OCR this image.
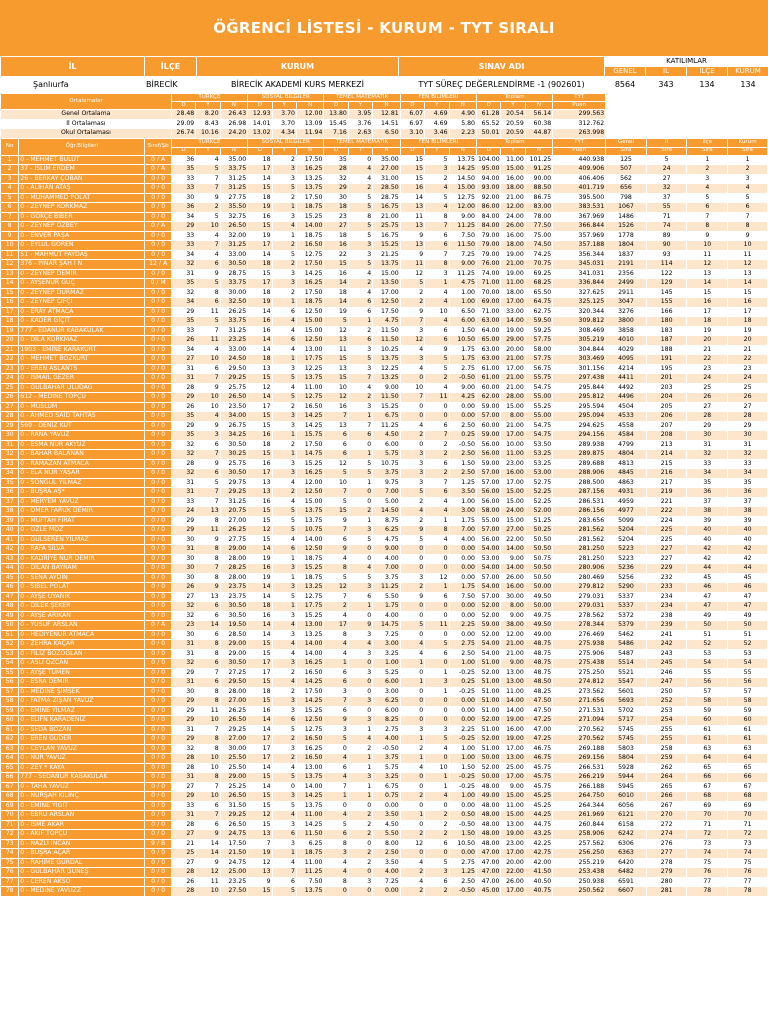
ÖĞRENCİ LİSTESİ - KURUM - TYT SIRALI
İL	İLÇE	KURUM	SINAV ADI	KATILIMLAR			
				GENEL	İL	İLÇE	KURUM
Şanlıurfa	BİRECİK	BİRECİK AKADEMİ KURS MERKEZİ	TYT SÜREÇ DEĞERLENDİRME -1 (902601)	8564	343	134	134
Ortalamalar			TÜRKÇE			SOSYAL BİLGİLER			TEMEL MATEMATİK			FEN BİLİMLERİ			Toplam			TYT				
			D	Y	N	D	Y	N	D	Y	N	D	Y	N	D	Y	N	Puan				
Genel Ortalama			28.48	8.20	26.43	12.93	3.70	12.00	13.80	3.95	12.81	6.07	4.69	4.90	61.28	20.54	56.14	299.563				
İl Ortalaması			29.09	8.43	26.98	14.01	3.70	13.09	15.45	3.76	14.51	6.97	4.69	5.80	65.52	20.59	60.38	312.762				
Okul Ortalaması			26.74	10.16	24.20	13.02	4.34	11.94	7.16	2.63	6.50	3.10	3.46	2.23	50.01	20.59	44.87	263.998				
No	Öğr.Bilgileri	Sınıf/Şb	TÜRKÇE			SOSYAL BİLGİLER			TEMEL MATEMATİK			FEN BİLİMLERİ			Toplam			TYT	Genel	İl	İlçe	Kurum
			D	Y	N	D	Y	N	D	Y	N	D	Y	N	D	Y	N	Puan	Sıra	Sıra	Sıra	Sıra
1	0 - MEHMET BULUT	0 / A	36	4	35.00	18	2	17.50	35	0	35.00	15	5	13.75	104.00	11.00	101.25	440.938	125	5	1	1
2	37 - İSLİM ERDEM	0 / A	35	5	33.75	17	3	16.25	28	4	27.00	15	3	14.25	95.00	15.00	91.25	409.906	507	24	2	2
3	26 - BERKAY ÇOBAN	0 / 0	33	7	31.25	14	3	13.25	32	4	31.00	15	2	14.50	94.00	16.00	90.00	406.406	562	27	3	3
4	0 - ALİHAN ATAŞ	0 / 0	33	7	31.25	15	5	13.75	29	2	28.50	16	4	15.00	93.00	18.00	88.50	401.719	656	32	4	4
5	0 - MUHAMMED POLAT	0 / 0	30	9	27.75	18	2	17.50	30	5	28.75	14	5	12.75	92.00	21.00	86.75	395.500	798	37	5	5
6	0 - ZEYNEP KORKMAZ	0 / 0	36	2	35.50	19	1	18.75	18	5	16.75	13	4	12.00	86.00	12.00	83.00	383.531	1067	55	6	6
7	0 - GÖKÇE BİBER	0 / 0	34	5	32.75	16	3	15.25	23	8	21.00	11	8	9.00	84.00	24.00	78.00	367.969	1486	71	7	7
8	0 - ZEYNEP ÖZBEY	0 / A	29	10	26.50	15	4	14.00	27	5	25.75	13	7	11.25	84.00	26.00	77.50	366.844	1526	74	8	8
9	0 - ENVER PAŞA	0 / 0	33	4	32.00	19	1	18.75	18	5	16.75	9	6	7.50	79.00	16.00	75.00	357.969	1778	89	9	9
10	0 - EYLÜL GÖREN	0 / 0	33	7	31.25	17	2	16.50	16	3	15.25	13	6	11.50	79.00	18.00	74.50	357.188	1804	90	10	10
11	51 - MAHMUT PAYDAŞ	0 / 0	34	4	33.00	14	5	12.75	22	3	21.25	9	7	7.25	79.00	19.00	74.25	356.344	1837	93	11	11
12	376 - PINAR ŞAH İ N	12 / A	32	6	30.50	18	2	17.50	15	5	13.75	11	8	9.00	76.00	21.00	70.75	345.031	2191	114	12	12
13	0 - ZEYNEP DEMİR	0 / 0	31	9	28.75	15	3	14.25	16	4	15.00	12	3	11.25	74.00	19.00	69.25	341.031	2356	122	13	13
14	0 - AYŞENUR GÜÇ	0 / M	35	5	33.75	17	3	16.25	14	2	13.50	5	1	4.75	71.00	11.00	68.25	336.844	2499	129	14	14
15	0 - ZEYNEP DURMAZ	0 / 0	32	8	30.00	18	2	17.50	18	4	17.00	2	4	1.00	70.00	18.00	65.50	327.625	2911	145	15	15
16	0 - ZEYNEP ÇİFÇİ	0 / 0	34	6	32.50	19	1	18.75	14	6	12.50	2	4	1.00	69.00	17.00	64.75	325.125	3047	155	16	16
17	0 - ERAY ATMACA	0 / 0	29	11	26.25	14	6	12.50	19	6	17.50	9	10	6.50	71.00	33.00	62.75	320.344	3276	166	17	17
18	0 - KADER GİÇİT	0 / 0	35	5	33.75	16	4	15.00	5	1	4.75	7	4	6.00	63.00	14.00	59.50	309.812	3800	180	18	18
19	777 - EDANUR KABAKULAK	0 / 0	33	7	31.25	16	4	15.00	12	2	11.50	3	6	1.50	64.00	19.00	59.25	308.469	3858	183	19	19
20	0 - DİLA KORKMAZ	0 / 0	26	11	23.25	14	6	12.50	13	6	11.50	12	6	10.50	65.00	29.00	57.75	305.219	4010	187	20	20
21	1903 - EMİNE KARAKURT	0 / 0	34	4	33.00	14	4	13.00	11	3	10.25	4	9	1.75	63.00	20.00	58.00	304.844	4029	188	21	21
22	0 - MEHMET BOZKURT	0 / 0	27	10	24.50	18	1	17.75	15	5	13.75	3	5	1.75	63.00	21.00	57.75	303.469	4095	191	22	22
23	0 - EREN ASLANTS	0 / 0	31	6	29.50	13	3	12.25	13	3	12.25	4	5	2.75	61.00	17.00	56.75	301.156	4214	195	23	23
24	0 - İSMAİL GEZER	0 / 0	31	7	29.25	15	5	13.75	15	7	13.25	0	2	-0.50	61.00	21.00	55.75	297.438	4411	201	24	24
25	0 - GÜLBAHAR ULUDAĞ	0 / 0	28	9	25.75	12	4	11.00	10	4	9.00	10	4	9.00	60.00	21.00	54.75	295.844	4492	203	25	25
26	612 - MEDİNE TOPÇU	0 / 0	29	10	26.50	14	5	12.75	12	2	11.50	7	11	4.25	62.00	28.00	55.00	295.812	4496	204	26	26
27	0 - MÜSLÜM	0 / 0	26	10	23.50	17	2	16.50	16	3	15.25	0	0	0.00	59.00	15.00	55.25	295.594	4504	205	27	27
28	0 - AHMED SAİD TAHTAS	0 / 0	35	4	34.00	15	3	14.25	7	1	6.75	0	0	0.00	57.00	8.00	55.00	295.094	4533	206	28	28
29	569 - DENİZ KUT	0 / 0	29	9	26.75	15	3	14.25	13	7	11.25	4	6	2.50	60.00	21.00	54.75	294.625	4558	207	29	29
30	0 - RANA YAVUZ	0 / 0	35	3	34.25	16	1	15.75	6	6	4.50	2	7	0.25	59.00	17.00	54.75	294.156	4584	208	30	30
31	0 - ESMA NUR AKYÜZ	0 / 0	32	6	30.50	18	2	17.50	6	0	6.00	0	2	-0.50	56.00	10.00	53.50	289.938	4799	213	31	31
32	0 - BAHAR BALANAN	0 / 0	32	7	30.25	15	1	14.75	6	1	5.75	3	2	2.50	56.00	11.00	53.25	289.875	4804	214	32	32
33	0 - RAMAZAN ATMACA	0 / 0	28	9	25.75	16	3	15.25	12	5	10.75	3	6	1.50	59.00	23.00	53.25	289.688	4813	215	33	33
34	0 - ELA NUR YAŞAR	0 / 0	32	6	30.50	17	3	16.25	5	5	3.75	3	2	2.50	57.00	16.00	53.00	288.906	4845	216	34	34
35	0 - SONGÜL YILMAZ	0 / 0	31	5	29.75	13	4	12.00	10	1	9.75	3	7	1.25	57.00	17.00	52.75	288.500	4863	217	35	35
36	0 - BÜŞRA AŞ*	0 / 0	31	7	29.25	13	2	12.50	7	0	7.00	5	6	3.50	56.00	15.00	52.25	287.156	4931	219	36	36
37	0 - MERYEM YAVUZ	0 / 0	33	7	31.25	16	4	15.00	5	0	5.00	2	4	1.00	56.00	15.00	52.25	286.531	4959	221	37	37
38	0 - ÖMER FARUK DEMİR	0 / 0	24	13	20.75	15	5	13.75	15	2	14.50	4	4	3.00	58.00	24.00	52.00	286.156	4977	222	38	38
39	0 - MÜFTAH FIRAT	0 / 0	29	8	27.00	15	5	13.75	9	1	8.75	2	1	1.75	55.00	15.00	51.25	283.656	5099	224	39	39
40	0 - ÖZLE MÖZ	0 / 0	29	11	26.25	12	5	10.75	7	3	6.25	9	8	7.00	57.00	27.00	50.25	281.562	5204	225	40	40
41	0 - GÜLSEREN YILMAZ	0 / 0	30	9	27.75	15	4	14.00	6	5	4.75	5	4	4.00	56.00	22.00	50.50	281.562	5204	225	40	40
42	0 - RAFA SİLVA	0 / 0	31	8	29.00	14	6	12.50	9	0	9.00	0	0	0.00	54.00	14.00	50.50	281.250	5223	227	42	42
43	0 - KADRİYE NUR DEMİR	0 / 0	30	8	28.00	19	1	18.75	4	0	4.00	0	0	0.00	53.00	9.00	50.75	281.250	5223	227	42	42
44	0 - DİLAN BAYRAM	0 / 0	30	7	28.25	16	3	15.25	8	4	7.00	0	0	0.00	54.00	14.00	50.50	280.906	5236	229	44	44
45	0 - SENA AYDIN	0 / 0	30	8	28.00	19	1	18.75	5	5	3.75	3	12	0.00	57.00	26.00	50.50	280.469	5256	232	45	45
46	0 - SİBEL POLAT	0 / 0	26	9	23.75	14	3	13.25	12	3	11.25	2	1	1.75	54.00	16.00	50.00	279.812	5290	233	46	46
47	0 - AYŞE UYANIK	0 / 0	27	13	23.75	14	5	12.75	7	6	5.50	9	6	7.50	57.00	30.00	49.50	279.031	5337	234	47	47
48	0 - DİLEK ŞEKER	0 / 0	32	6	30.50	18	1	17.75	2	1	1.75	0	0	0.00	52.00	8.00	50.00	279.031	5337	234	47	47
49	0 - AYŞE ARIKAN	0 / 0	32	6	30.50	16	3	15.25	4	0	4.00	0	0	0.00	52.00	9.00	49.75	278.562	5372	238	49	49
50	0 - YUSUF ARSLAN	0 / A	23	14	19.50	14	4	13.00	17	9	14.75	5	11	2.25	59.00	38.00	49.50	278.344	5379	239	50	50
51	0 - HEDİYENUR ATMACA	0 / 0	30	6	28.50	14	3	13.25	8	3	7.25	0	0	0.00	52.00	12.00	49.00	276.469	5462	241	51	51
52	0 - ZEHRA KAÇAR	0 / 0	31	8	29.00	15	4	14.00	4	4	3.00	4	5	2.75	54.00	21.00	48.75	275.938	5486	242	52	52
53	0 - FİLİZ BOZOĞLAN	0 / 0	31	8	29.00	15	4	14.00	4	3	3.25	4	6	2.50	54.00	21.00	48.75	275.906	5487	243	53	53
54	0 - ASLI ÖZCAN	0 / 0	32	6	30.50	17	3	16.25	1	0	1.00	1	0	1.00	51.00	9.00	48.75	275.438	5514	245	54	54
55	0 - AYŞE TÜMEN	0 / 0	29	7	27.25	17	2	16.50	6	3	5.25	0	1	-0.25	52.00	13.00	48.75	275.250	5521	246	55	55
56	0 - ESRA DEMİR	0 / 0	31	6	29.50	15	4	14.25	6	0	6.00	1	3	0.25	51.00	13.00	48.50	274.812	5547	247	56	56
57	0 - MEDİNE ŞİMŞEK	0 / 0	30	8	28.00	18	2	17.50	3	0	3.00	0	1	-0.25	51.00	11.00	48.25	273.562	5601	250	57	57
58	0 - FATMA ZİŞAN YAVUZ	0 / 0	29	8	27.00	15	3	14.25	7	3	6.25	0	0	0.00	51.00	14.00	47.50	271.656	5693	252	58	58
59	0 - EMİNE YILMAZ	0 / 0	29	11	26.25	16	3	15.25	6	0	6.00	0	0	0.00	51.00	14.00	47.50	271.531	5702	253	59	59
60	0 - ELİFN KARADENİZ	0 / 0	29	10	26.50	14	6	12.50	9	3	8.25	0	0	0.00	52.00	19.00	47.25	271.094	5717	254	60	60
61	0 - SEDA BOZAN	0 / 0	31	7	29.25	14	5	12.75	3	1	2.75	3	3	2.25	51.00	16.00	47.00	270.562	5745	255	61	61
62	0 - EREN GÜDER	0 / 0	29	8	27.00	17	2	16.50	5	4	4.00	1	5	-0.25	52.00	19.00	47.25	270.562	5745	255	61	61
63	0 - CEYLAN YAVUZ	0 / 0	32	8	30.00	17	3	16.25	0	2	-0.50	2	4	1.00	51.00	17.00	46.75	269.188	5803	258	63	63
64	0 - NUR YAVUZ	0 / 0	28	10	25.50	17	2	16.50	4	1	3.75	1	0	1.00	50.00	13.00	46.75	269.156	5804	259	64	64
65	0 - ZEY * KAYA	0 / 0	28	10	25.50	14	4	13.00	6	1	5.75	4	10	1.50	52.00	25.00	45.75	266.531	5928	262	65	65
66	777 - SEDANUR KABAKULAK	0 / 0	31	8	29.00	15	5	13.75	4	3	3.25	0	1	-0.25	50.00	17.00	45.75	266.219	5944	264	66	66
67	0 - TAHA YAVUZ	0 / 0	27	7	25.25	14	0	14.00	7	1	6.75	0	1	-0.25	48.00	9.00	45.75	266.188	5945	265	67	67
68	0 - NURŞAH KILINÇ	0 / 0	29	10	26.50	15	3	14.25	1	1	0.75	2	4	1.00	49.00	15.00	45.25	264.750	6010	266	68	68
69	0 - EMİNE YİĞİT	0 / 0	33	6	31.50	15	5	13.75	0	0	0.00	0	0	0.00	48.00	11.00	45.25	264.344	6056	267	69	69
70	0 - EBRU ARSLAN	0 / 0	31	7	29.25	12	4	11.00	4	2	3.50	1	2	0.50	48.00	15.00	44.25	261.969	6121	270	70	70
71	0 - İSME AKAR	0 / 0	28	6	26.50	15	3	14.25	5	2	4.50	0	2	-0.50	48.00	13.00	44.75	260.844	6158	272	71	71
72	0 - AKİF TOPÇU	0 / 0	27	9	24.75	13	6	11.50	6	2	5.50	2	2	1.50	48.00	19.00	43.25	258.906	6242	274	72	72
73	0 - NAZLI İNCAN	9 / B	21	14	17.50	7	3	6.25	8	0	8.00	12	6	10.50	48.00	23.00	42.25	257.562	6306	276	73	73
74	0 - BÜŞRA AÇAR	0 / 0	25	14	21.50	19	1	18.75	3	2	2.50	0	0	0.00	47.00	17.00	42.75	256.250	6363	277	74	74
75	0 - RAHİME GÜRDAL	0 / 0	27	9	24.75	12	4	11.00	4	2	3.50	4	5	2.75	47.00	20.00	42.00	255.219	6420	278	75	75
76	0 - GÜLBAHAR GÜNEŞ	0 / 0	28	12	25.00	13	7	11.25	4	0	4.00	2	3	1.25	47.00	22.00	41.50	253.438	6482	279	76	76
77	0 - CEREN AKSO	0 / 0	26	11	23.25	9	6	7.50	8	3	7.25	4	6	2.50	47.00	26.00	40.50	250.938	6591	280	77	77
78	0 - MEDİNE YAVUZZ	0 / 0	28	10	27.50	15	5	13.75	0	0	0.00	2	2	-0.50	45.00	17.00	40.75	250.562	6607	281	78	78
